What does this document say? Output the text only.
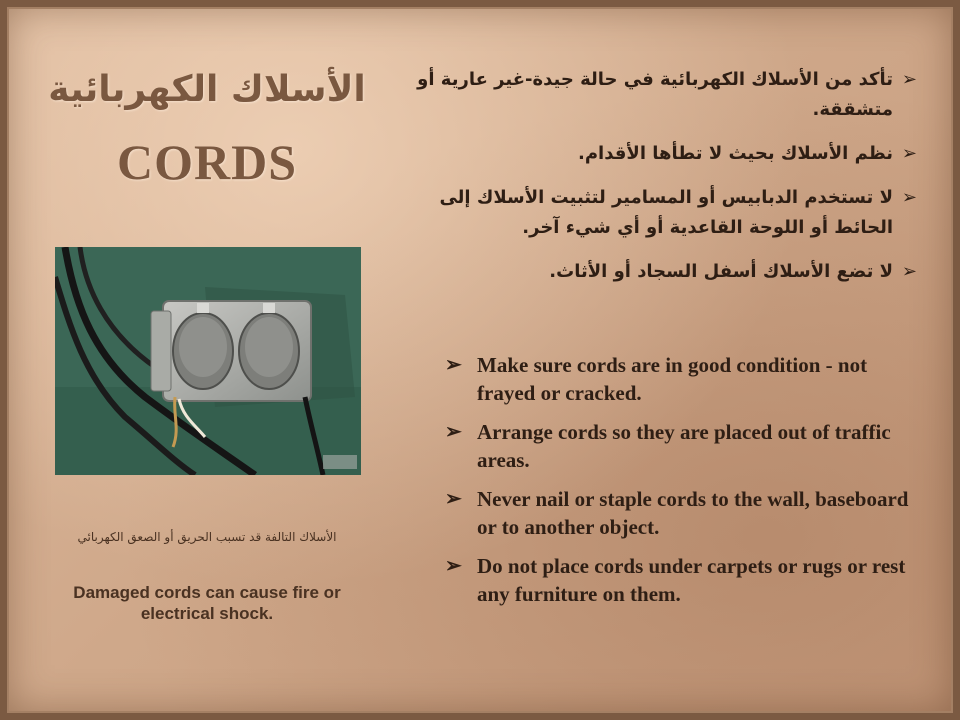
الأسلاك الكهربائية
CORDS
الأسلاك التالفة قد تسبب الحريق أو الصعق الكهربائي
Damaged cords can cause fire or electrical shock.
➢
تأكد من الأسلاك الكهربائية في حالة جيدة-غير عارية أو متشققة.
➢
نظم الأسلاك بحيث لا تطأها الأقدام.
➢
لا تستخدم الدبابيس أو المسامير لتثبيت الأسلاك إلى الحائط أو اللوحة القاعدية أو أي شيء آخر.
➢
لا تضع الأسلاك أسفل السجاد أو الأثاث.
➢ Make sure cords are in good condition - not frayed or cracked.
➢ Arrange cords so they are placed out of traffic areas.
➢ Never nail or staple cords to the wall, baseboard or to another object.
➢ Do not place cords under carpets or rugs or rest any furniture on them.
